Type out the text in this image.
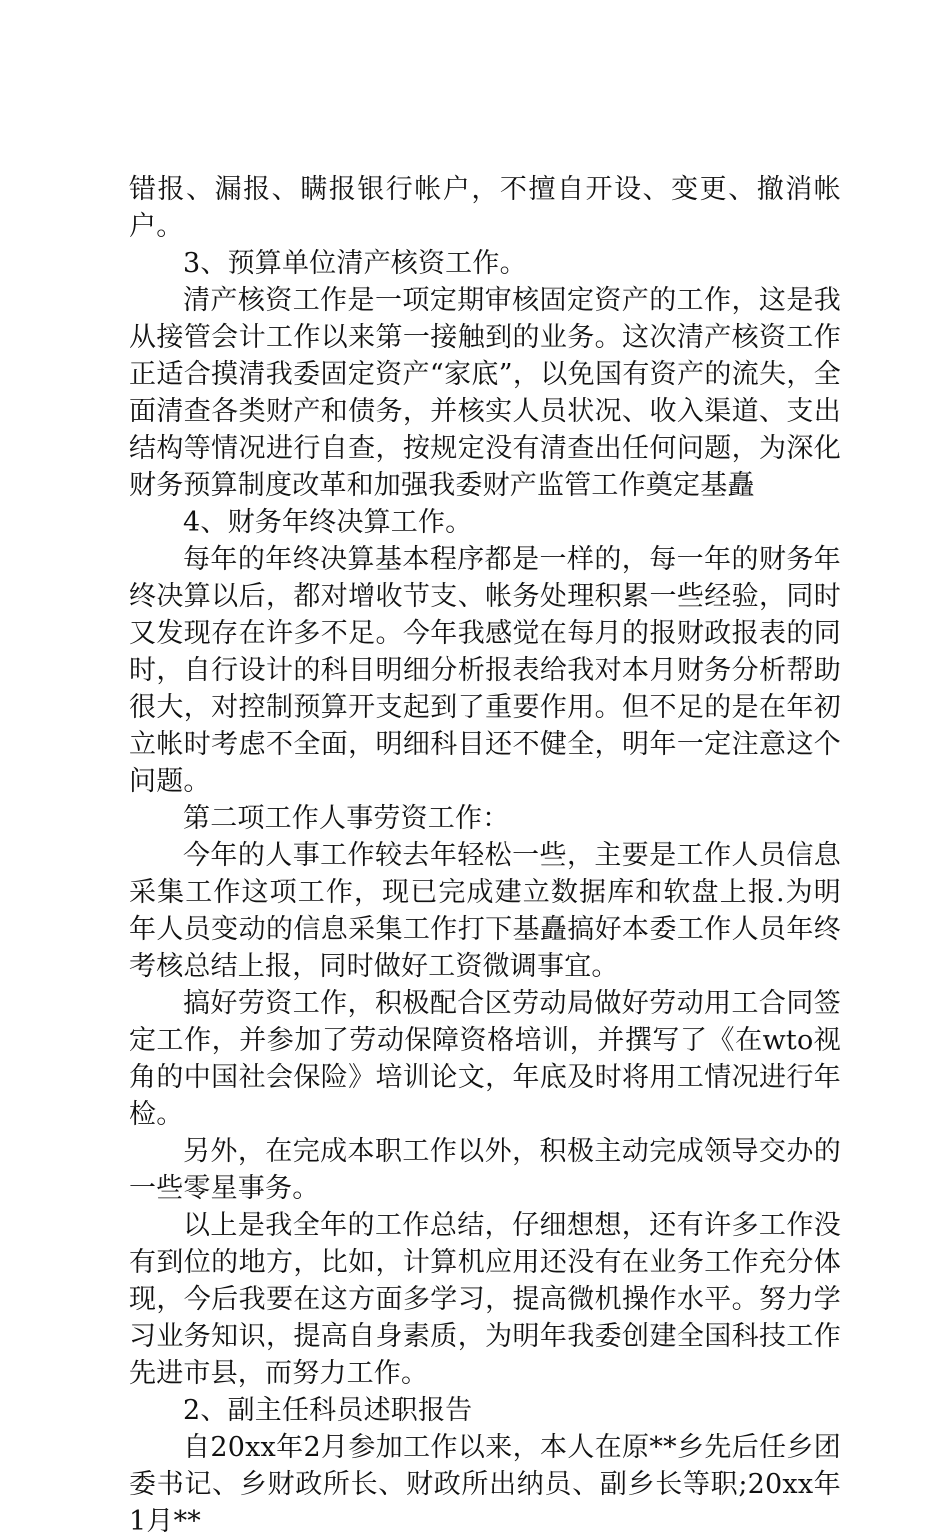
错报、漏报、瞒报银行帐户，不擅自开设、变更、撤消帐户。

3、预算单位清产核资工作。

清产核资工作是一项定期审核固定资产的工作，这是我从接管会计工作以来第一接触到的业务。这次清产核资工作正适合摸清我委固定资产“家底”，以免国有资产的流失，全面清查各类财产和债务，并核实人员状况、收入渠道、支出结构等情况进行自查，按规定没有清查出任何问题，为深化财务预算制度改革和加强我委财产监管工作奠定基矗

4、财务年终决算工作。

每年的年终决算基本程序都是一样的，每一年的财务年终决算以后，都对增收节支、帐务处理积累一些经验，同时又发现存在许多不足。今年我感觉在每月的报财政报表的同时，自行设计的科目明细分析报表给我对本月财务分析帮助很大，对控制预算开支起到了重要作用。但不足的是在年初立帐时考虑不全面，明细科目还不健全，明年一定注意这个问题。

第二项工作人事劳资工作：

今年的人事工作较去年轻松一些，主要是工作人员信息采集工作这项工作，现已完成建立数据库和软盘上报.为明年人员变动的信息采集工作打下基矗搞好本委工作人员年终考核总结上报，同时做好工资微调事宜。

搞好劳资工作，积极配合区劳动局做好劳动用工合同签定工作，并参加了劳动保障资格培训，并撰写了《在wto视角的中国社会保险》培训论文，年底及时将用工情况进行年检。

另外，在完成本职工作以外，积极主动完成领导交办的一些零星事务。

以上是我全年的工作总结，仔细想想，还有许多工作没有到位的地方，比如，计算机应用还没有在业务工作充分体现，今后我要在这方面多学习，提高微机操作水平。努力学习业务知识，提高自身素质，为明年我委创建全国科技工作先进市县，而努力工作。

2、副主任科员述职报告

自20xx年2月参加工作以来，本人在原**乡先后任乡团委书记、乡财政所长、财政所出纳员、副乡长等职;20xx年1月**
